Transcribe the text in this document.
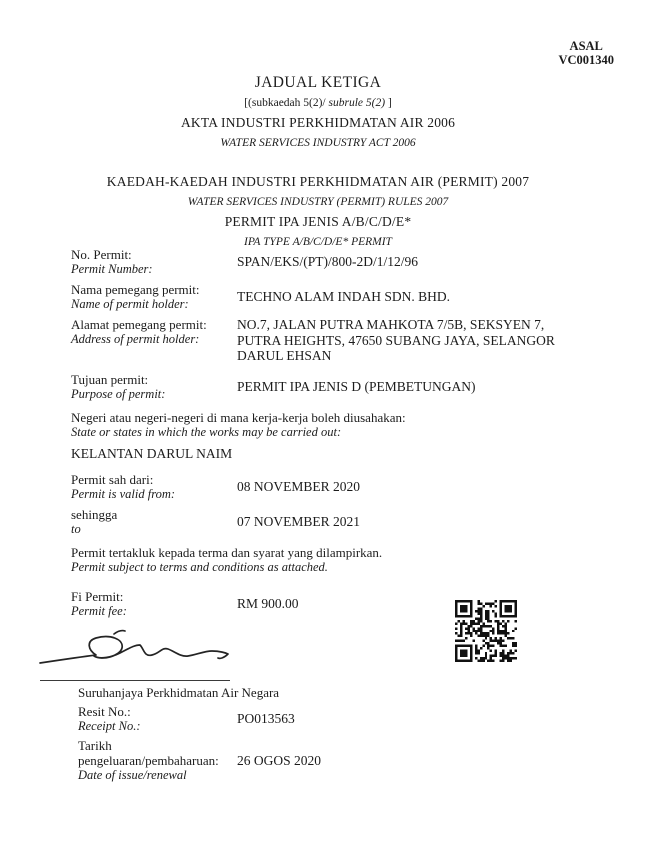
ASAL
VC001340
JADUAL KETIGA
[(subkaedah 5(2)/ subrule 5(2) ]
AKTA INDUSTRI PERKHIDMATAN AIR 2006
WATER SERVICES INDUSTRY ACT 2006
KAEDAH-KAEDAH INDUSTRI PERKHIDMATAN AIR (PERMIT) 2007
WATER SERVICES INDUSTRY (PERMIT) RULES 2007
PERMIT IPA JENIS A/B/C/D/E*
IPA TYPE A/B/C/D/E* PERMIT
No. Permit:
Permit Number:	SPAN/EKS/(PT)/800-2D/1/12/96
Nama pemegang permit:
Name of permit holder:	TECHNO ALAM INDAH SDN. BHD.
Alamat pemegang permit:
Address of permit holder:
NO.7, JALAN PUTRA MAHKOTA 7/5B, SEKSYEN 7, PUTRA HEIGHTS, 47650 SUBANG JAYA, SELANGOR DARUL EHSAN
Tujuan permit:
Purpose of permit:	PERMIT IPA JENIS D (PEMBETUNGAN)
Negeri atau negeri-negeri di mana kerja-kerja boleh diusahakan:
State or states in which the works may be carried out:
KELANTAN DARUL NAIM
Permit sah dari:
Permit is valid from:	08 NOVEMBER 2020
sehingga
to	07 NOVEMBER 2021
Permit tertakluk kepada terma dan syarat yang dilampirkan.
Permit subject to terms and conditions as attached.
Fi Permit:
Permit fee:	RM 900.00
Suruhanjaya Perkhidmatan Air Negara
Resit No.:
Receipt No.:	PO013563
Tarikh
pengeluaran/pembaharuan:
Date of issue/renewal
26 OGOS 2020
